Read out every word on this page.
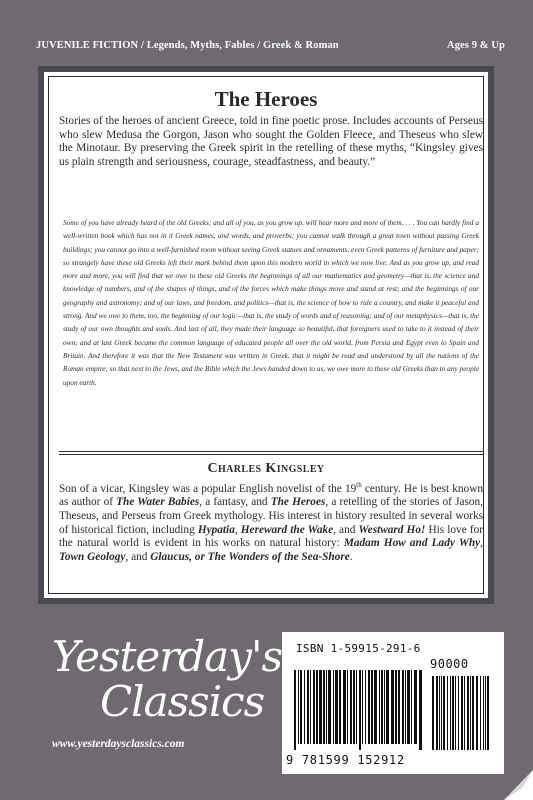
JUVENILE FICTION / Legends, Myths, Fables / Greek & Roman	Ages 9 & Up
The Heroes

Stories of the heroes of ancient Greece, told in fine poetic prose. Includes accounts of Perseus who slew Medusa the Gorgon, Jason who sought the Golden Fleece, and Theseus who slew the Minotaur. By preserving the Greek spirit in the retelling of these myths, “Kingsley gives us plain strength and seriousness, courage, steadfastness, and beauty.”

Some of you have already heard of the old Greeks; and all of you, as you grow up, will hear more and more of them. . . . You can hardly find a well-written book which has not in it Greek names, and words, and proverbs; you cannot walk through a great town without passing Greek buildings; you cannot go into a well-furnished room without seeing Greek statues and ornaments, even Greek patterns of furniture and paper; so strangely have these old Greeks left their mark behind them upon this modern world in which we now live. And as you grow up, and read more and more, you will find that we owe to these old Greeks the beginnings of all our mathematics and geometry—that is, the science and knowledge of numbers, and of the shapes of things, and of the forces which make things move and stand at rest; and the beginnings of our geography and astronomy; and of our laws, and freedom, and politics—that is, the science of how to rule a country, and make it peaceful and strong. And we owe to them, too, the beginning of our logic—that is, the study of words and of reasoning; and of our metaphysics—that is, the study of our own thoughts and souls. And last of all, they made their language so beautiful, that foreigners used to take to it instead of their own; and at last Greek became the common language of educated people all over the old world, from Persia and Egypt even to Spain and Britain. And therefore it was that the New Testament was written in Greek, that it might be read and understood by all the nations of the Roman empire; so that next to the Jews, and the Bible which the Jews handed down to us, we owe more to these old Greeks than to any people upon earth.

Charles Kingsley

Son of a vicar, Kingsley was a popular English novelist of the 19th century. He is best known as author of The Water Babies, a fantasy, and The Heroes, a retelling of the stories of Jason, Theseus, and Perseus from Greek mythology. His interest in history resulted in several works of historical fiction, including Hypatia, Hereward the Wake, and Westward Ho! His love for the natural world is evident in his works on natural history: Madam How and Lady Why, Town Geology, and Glaucus, or The Wonders of the Sea-Shore.

Yesterday's
Classics
www.yesterdaysclassics.com
ISBN 1-59915-291-6
90000
9 781599 152912
